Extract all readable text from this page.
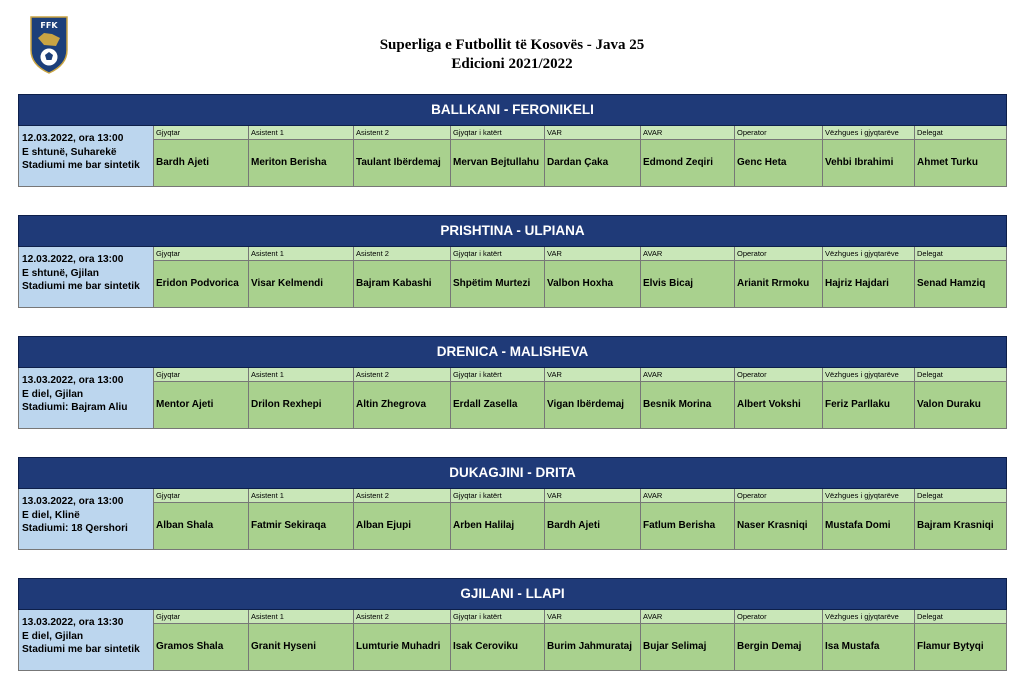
FFK
Superliga e Futbollit të Kosovës - Java 25
Edicioni 2021/2022
BALLKANI - FERONIKELI
12.03.2022, ora 13:00
E shtunë, Suharekë
Stadiumi me bar sintetik
Gjyqtar
Bardh Ajeti
Asistent 1
Meriton Berisha
Asistent 2
Taulant Ibërdemaj
Gjyqtar i katërt
Mervan Bejtullahu
VAR
Dardan Çaka
AVAR
Edmond Zeqiri
Operator
Genc Heta
Vëzhgues i gjyqtarëve
Vehbi Ibrahimi
Delegat
Ahmet Turku
PRISHTINA - ULPIANA
12.03.2022, ora 13:00
E shtunë, Gjilan
Stadiumi me bar sintetik
Gjyqtar
Eridon Podvorica
Asistent 1
Visar Kelmendi
Asistent 2
Bajram Kabashi
Gjyqtar i katërt
Shpëtim Murtezi
VAR
Valbon Hoxha
AVAR
Elvis Bicaj
Operator
Arianit Rrmoku
Vëzhgues i gjyqtarëve
Hajriz Hajdari
Delegat
Senad Hamziq
DRENICA - MALISHEVA
13.03.2022, ora 13:00
E diel, Gjilan
Stadiumi: Bajram Aliu
Gjyqtar
Mentor Ajeti
Asistent 1
Drilon Rexhepi
Asistent 2
Altin Zhegrova
Gjyqtar i katërt
Erdall Zasella
VAR
Vigan Ibërdemaj
AVAR
Besnik Morina
Operator
Albert Vokshi
Vëzhgues i gjyqtarëve
Feriz Parllaku
Delegat
Valon Duraku
DUKAGJINI - DRITA
13.03.2022, ora 13:00
E diel, Klinë
Stadiumi: 18 Qershori
Gjyqtar
Alban Shala
Asistent 1
Fatmir Sekiraqa
Asistent 2
Alban Ejupi
Gjyqtar i katërt
Arben Halilaj
VAR
Bardh Ajeti
AVAR
Fatlum Berisha
Operator
Naser Krasniqi
Vëzhgues i gjyqtarëve
Mustafa Domi
Delegat
Bajram Krasniqi
GJILANI - LLAPI
13.03.2022, ora 13:30
E diel, Gjilan
Stadiumi me bar sintetik
Gjyqtar
Gramos Shala
Asistent 1
Granit Hyseni
Asistent 2
Lumturie Muhadri
Gjyqtar i katërt
Isak Ceroviku
VAR
Burim Jahmurataj
AVAR
Bujar Selimaj
Operator
Bergin Demaj
Vëzhgues i gjyqtarëve
Isa Mustafa
Delegat
Flamur Bytyqi
